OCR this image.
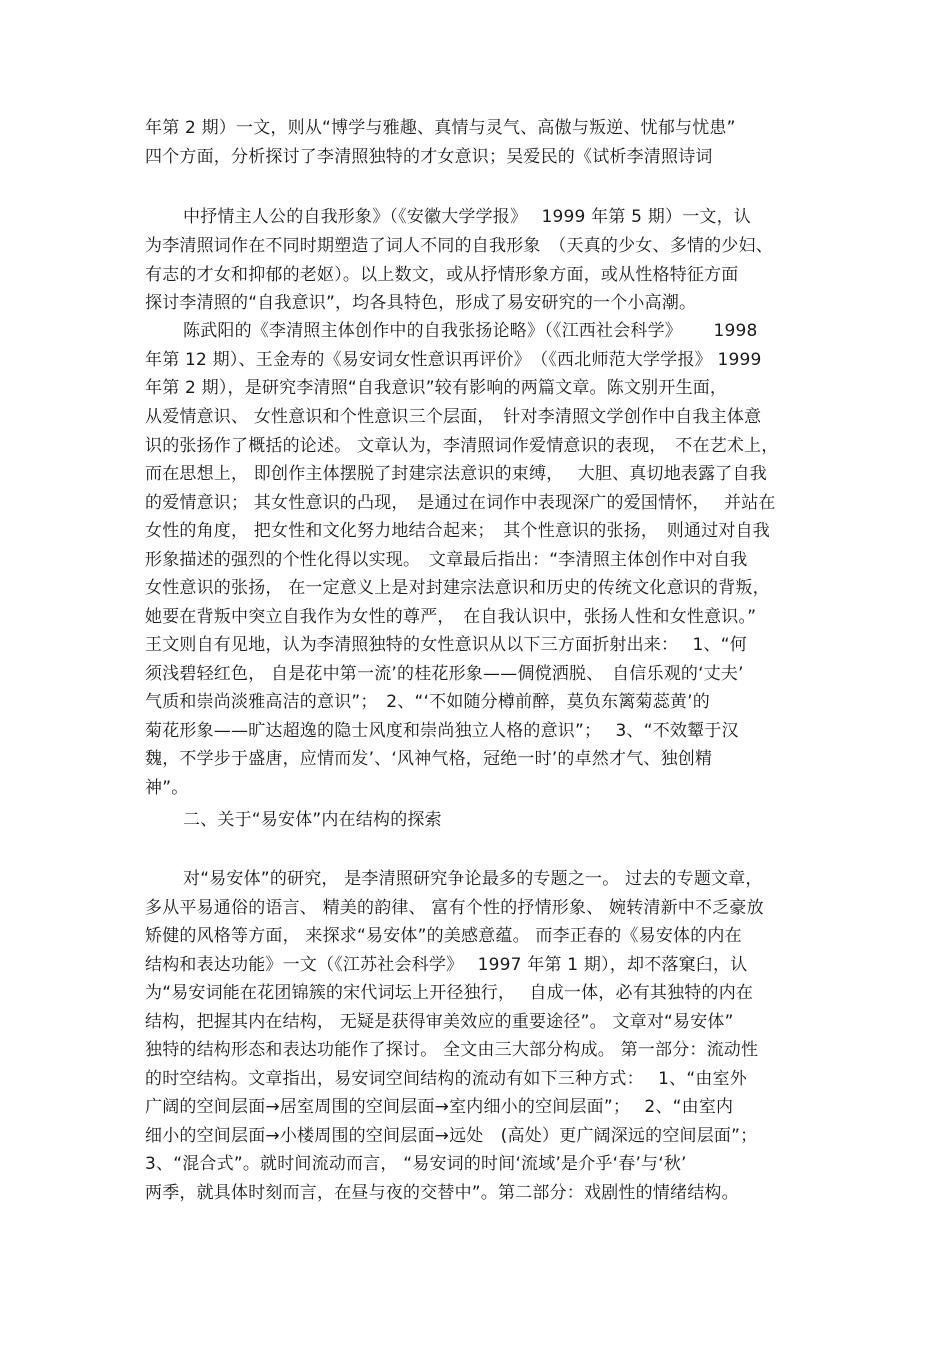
年第 2 期）一文，则从“博学与雅趣、真情与灵气、高傲与叛逆、忧郁与忧患”
四个方面，分析探讨了李清照独特的才女意识；吴爱民的《试析李清照诗词
中抒情主人公的自我形象》（《安徽大学学报》　 1999 年第 5 期）一文，认
为李清照词作在不同时期塑造了词人不同的自我形象　（天真的少女、多情的少妇、
有志的才女和抑郁的老妪）。以上数文，或从抒情形象方面，或从性格特征方面
探讨李清照的“自我意识”，均各具特色，形成了易安研究的一个小高潮。
陈武阳的《李清照主体创作中的自我张扬论略》（《江西社会科学》　　 1998
年第 12 期）、王金寿的《易安词女性意识再评价》　（《西北师范大学学报》 1999
年第 2 期），是研究李清照“自我意识”较有影响的两篇文章。陈文别开生面，
从爱情意识、 女性意识和个性意识三个层面，　针对李清照文学创作中自我主体意
识的张扬作了概括的论述。 文章认为，李清照词作爱情意识的表现，　不在艺术上，
而在思想上， 即创作主体摆脱了封建宗法意识的束缚，　 大胆、真切地表露了自我
的爱情意识； 其女性意识的凸现，　是通过在词作中表现深广的爱国情怀，　 并站在
女性的角度， 把女性和文化努力地结合起来；　其个性意识的张扬，　则通过对自我
形象描述的强烈的个性化得以实现。　文章最后指出：“李清照主体创作中对自我
女性意识的张扬， 在一定意义上是对封建宗法意识和历史的传统文化意识的背叛，
她要在背叛中突立自我作为女性的尊严，　在自我认识中，张扬人性和女性意识。”
王文则自有见地，认为李清照独特的女性意识从以下三方面折射出来：　 1、“何
须浅碧轻红色， 自是花中第一流’的桂花形象——倜傥洒脱、　自信乐观的‘丈夫’
气质和崇尚淡雅高洁的意识”；　2、“‘不如随分樽前醉，莫负东篱菊蕊黄’的
菊花形象——旷达超逸的隐士风度和崇尚独立人格的意识”；　 3、“不效颦于汉
魏，不学步于盛唐，应情而发’、‘风神气格，冠绝一时’的卓然才气、独创精
神”。
二、关于“易安体”内在结构的探索
对“易安体”的研究， 是李清照研究争论最多的专题之一。 过去的专题文章，
多从平易通俗的语言、 精美的韵律、 富有个性的抒情形象、 婉转清新中不乏豪放
矫健的风格等方面， 来探求“易安体”的美感意蕴。 而李正春的《易安体的内在
结构和表达功能》一文（《江苏社会科学》　 1997 年第 1 期），却不落窠臼，认
为“易安词能在花团锦簇的宋代词坛上开径独行，　 自成一体，必有其独特的内在
结构，把握其内在结构， 无疑是获得审美效应的重要途径”。 文章对“易安体”
独特的结构形态和表达功能作了探讨。 全文由三大部分构成。 第一部分：流动性
的时空结构。文章指出，易安词空间结构的流动有如下三种方式：　 1、“由室外
广阔的空间层面→居室周围的空间层面→室内细小的空间层面”；　 2、“由室内
细小的空间层面→小楼周围的空间层面→远处　(高处）更广阔深远的空间层面”；
3、“混合式”。就时间流动而言， “易安词的时间‘流域’是介乎‘春’与‘秋’
两季，就具体时刻而言，在昼与夜的交替中”。第二部分：戏剧性的情绪结构。
